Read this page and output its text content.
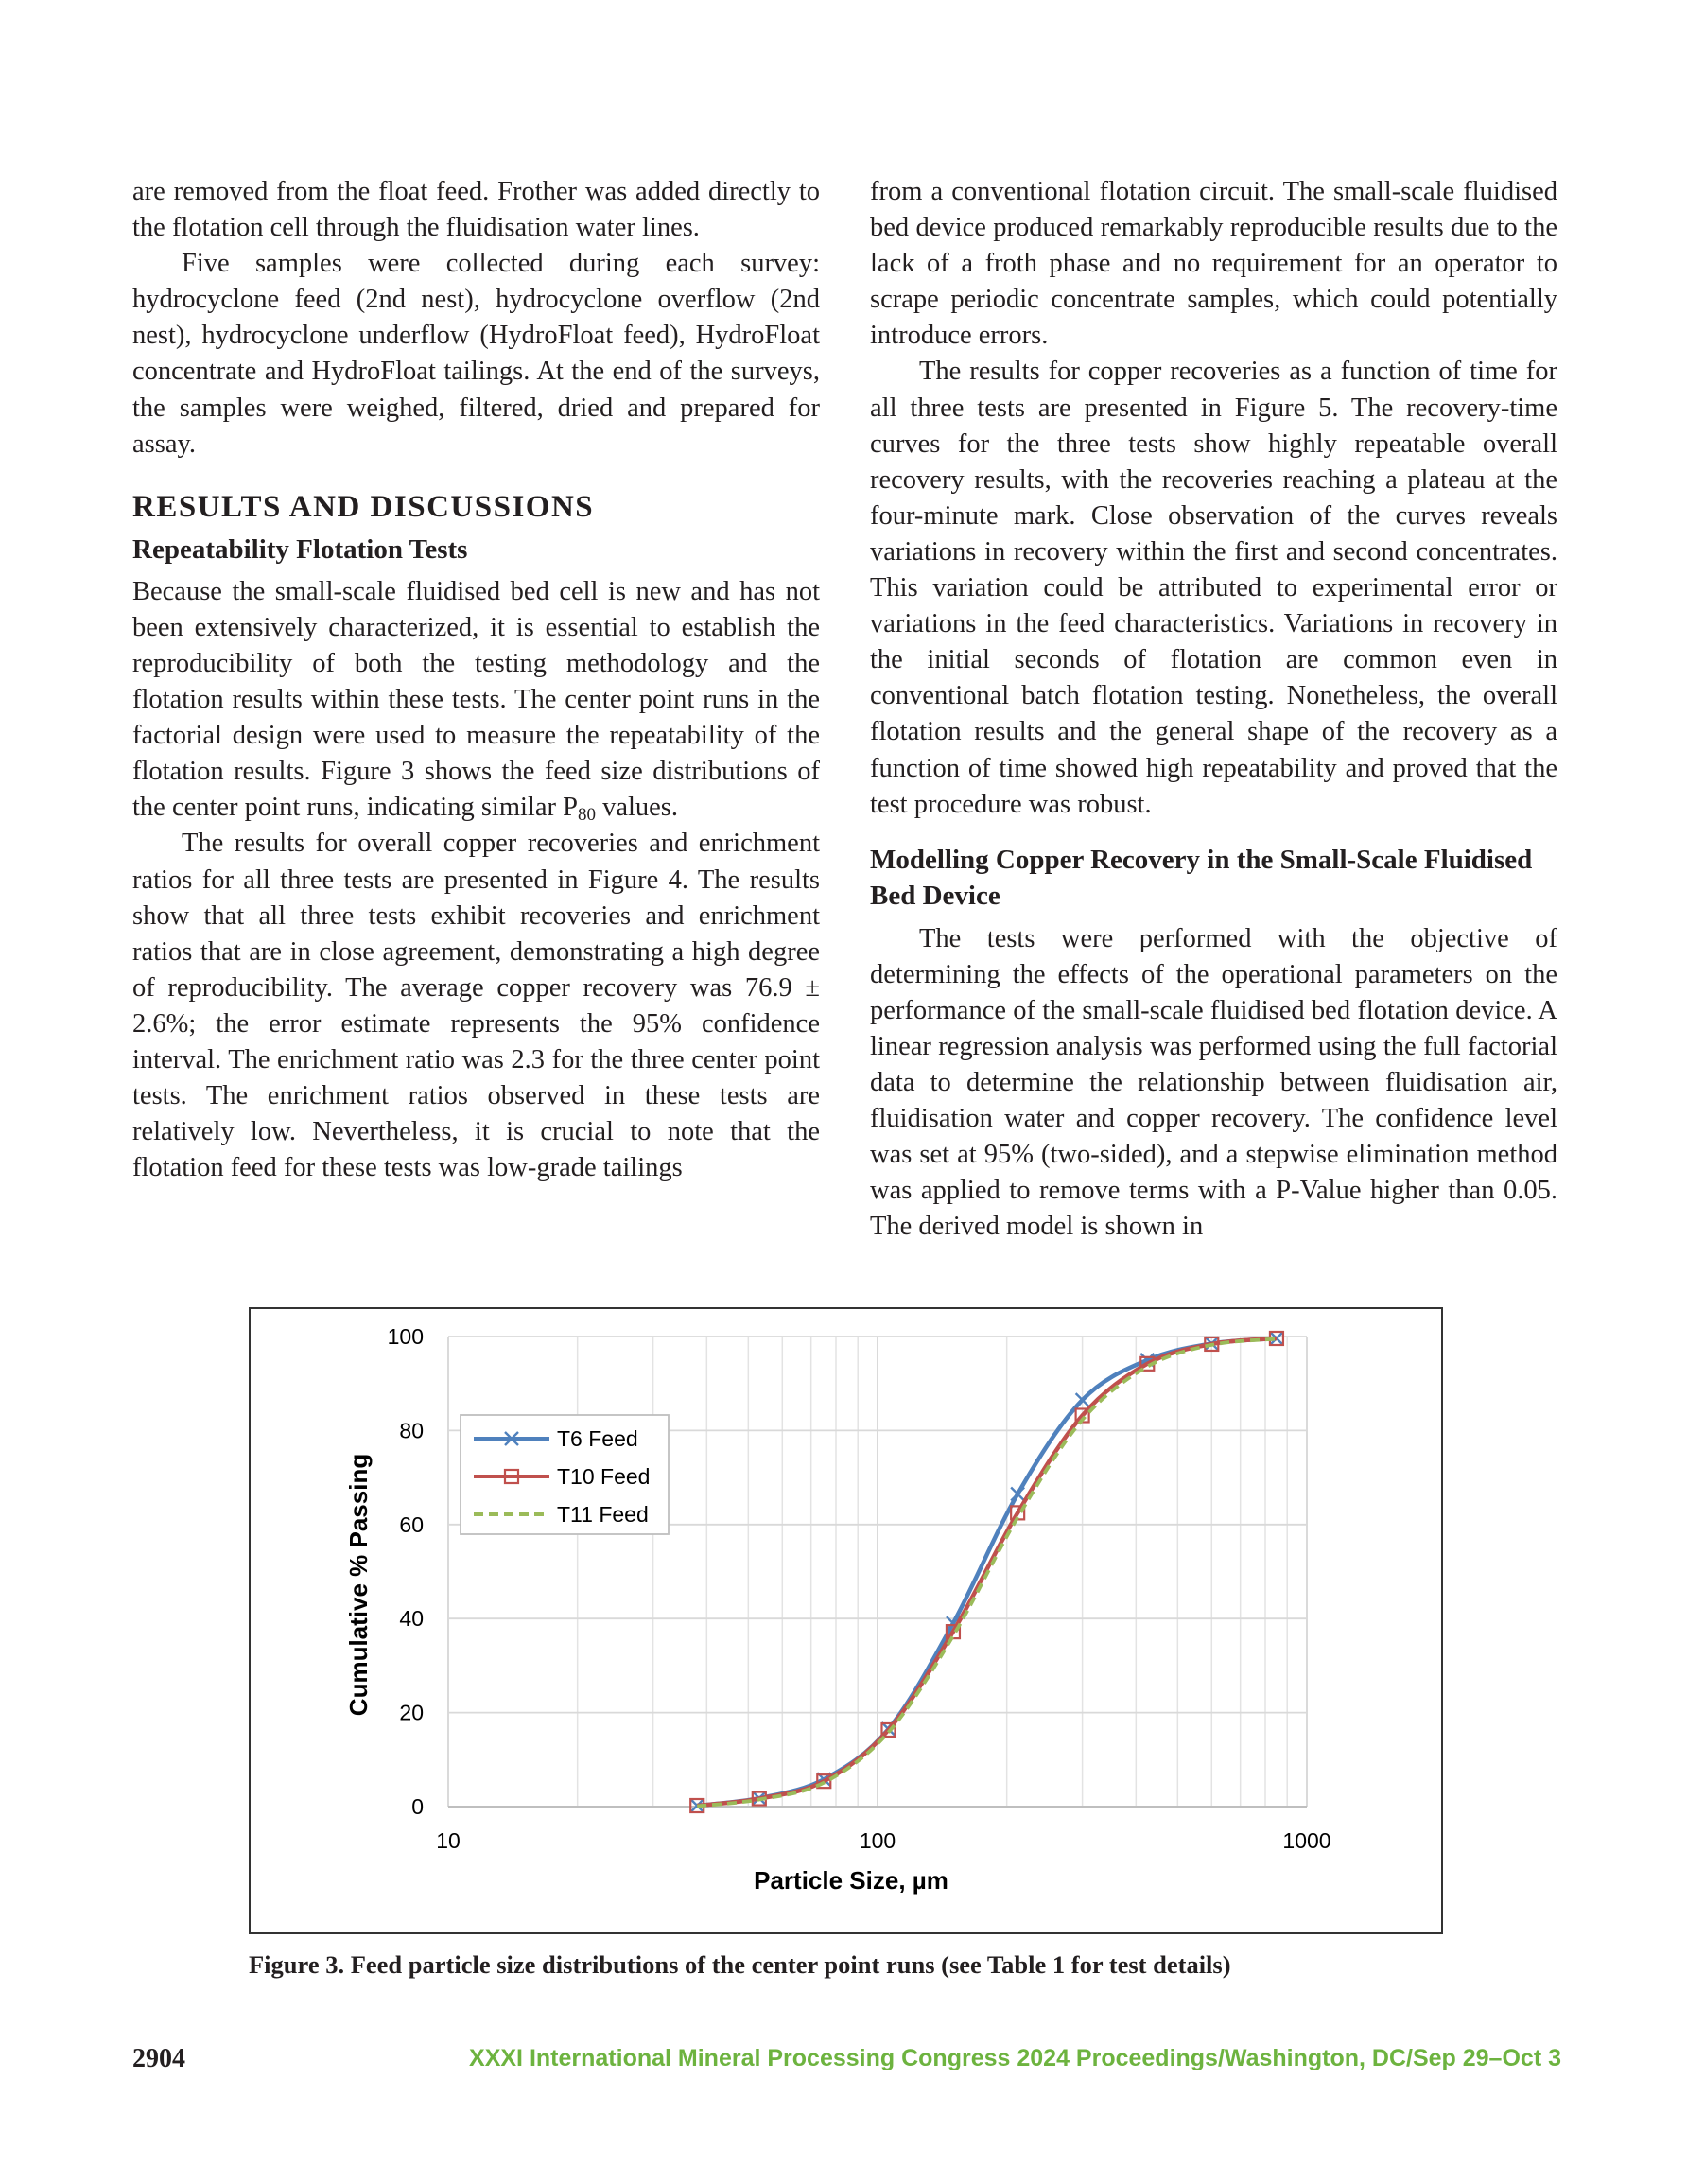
are removed from the float feed. Frother was added directly to the flotation cell through the fluidisation water lines.

Five samples were collected during each survey: hydrocyclone feed (2nd nest), hydrocyclone overflow (2nd nest), hydrocyclone underflow (HydroFloat feed), HydroFloat concentrate and HydroFloat tailings. At the end of the surveys, the samples were weighed, filtered, dried and prepared for assay.

RESULTS AND DISCUSSIONS
Repeatability Flotation Tests

Because the small-scale fluidised bed cell is new and has not been extensively characterized, it is essential to establish the reproducibility of both the testing methodology and the flotation results within these tests. The center point runs in the factorial design were used to measure the repeatability of the flotation results. Figure 3 shows the feed size distributions of the center point runs, indicating similar $P_{80}$ values.

The results for overall copper recoveries and enrichment ratios for all three tests are presented in Figure 4. The results show that all three tests exhibit recoveries and enrichment ratios that are in close agreement, demonstrating a high degree of reproducibility. The average copper recovery was 76.9 ± 2.6%; the error estimate represents the 95% confidence interval. The enrichment ratio was 2.3 for the three center point tests. The enrichment ratios observed in these tests are relatively low. Nevertheless, it is crucial to note that the flotation feed for these tests was low-grade tailings

from a conventional flotation circuit. The small-scale fluidised bed device produced remarkably reproducible results due to the lack of a froth phase and no requirement for an operator to scrape periodic concentrate samples, which could potentially introduce errors.

The results for copper recoveries as a function of time for all three tests are presented in Figure 5. The recovery-time curves for the three tests show highly repeatable overall recovery results, with the recoveries reaching a plateau at the four-minute mark. Close observation of the curves reveals variations in recovery within the first and second concentrates. This variation could be attributed to experimental error or variations in the feed characteristics. Variations in recovery in the initial seconds of flotation are common even in conventional batch flotation testing. Nonetheless, the overall flotation results and the general shape of the recovery as a function of time showed high repeatability and proved that the test procedure was robust.

Modelling Copper Recovery in the Small-Scale Fluidised Bed Device

The tests were performed with the objective of determining the effects of the operational parameters on the performance of the small-scale fluidised bed flotation device. A linear regression analysis was performed using the full factorial data to determine the relationship between fluidisation air, fluidisation water and copper recovery. The confidence level was set at 95% (two-sided), and a stepwise elimination method was applied to remove terms with a P-Value higher than 0.05. The derived model is shown in

0
20
40
60
80
100
10	100	1000
Particle Size, µm
Cumulative % Passing
T6 Feed
T10 Feed
T11 Feed
Figure 3. Feed particle size distributions of the center point runs (see Table 1 for test details)
2904	XXXI International Mineral Processing Congress 2024 Proceedings/Washington, DC/Sep 29–Oct 3
